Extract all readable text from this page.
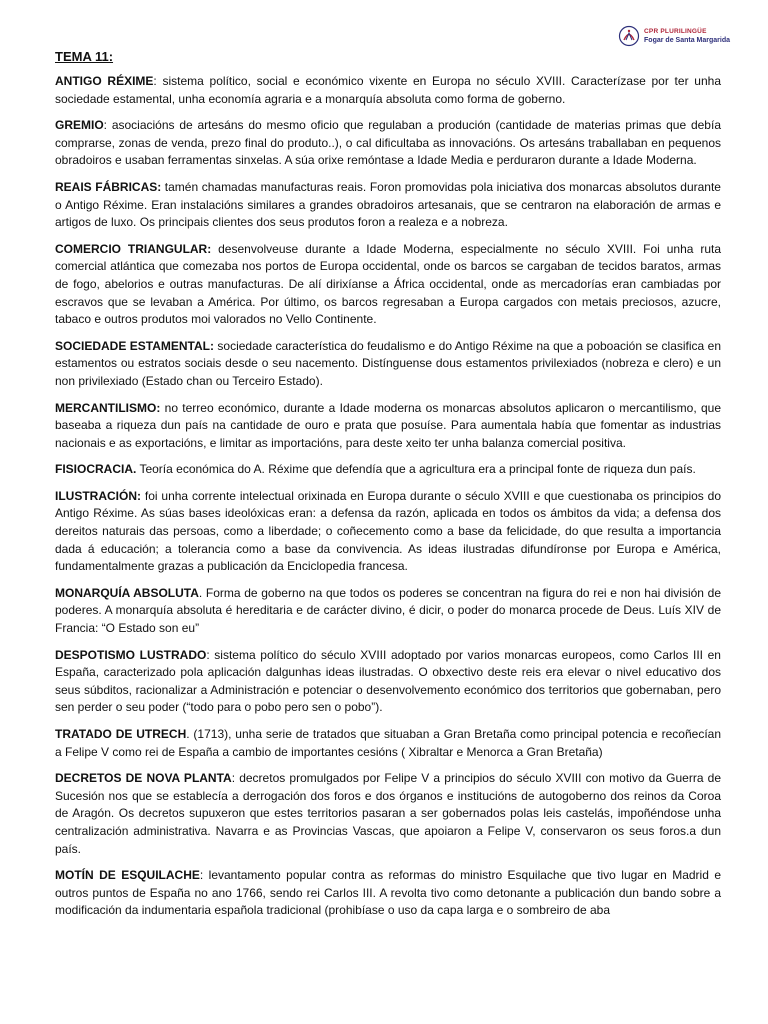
CPR PLURILINGÜE
Fogar de Santa Margarida

TEMA 11:

ANTIGO RÉXIME: sistema político, social e económico vixente en Europa no século XVIII. Caracterízase por ter unha sociedade estamental, unha economía agraria e a monarquía absoluta como forma de goberno.

GREMIO: asociacións de artesáns do mesmo oficio que regulaban a produción (cantidade de materias primas que debía comprarse, zonas de venda, prezo final do produto..), o cal dificultaba as innovacións. Os artesáns traballaban en pequenos obradoiros e usaban ferramentas sinxelas. A súa orixe remóntase a Idade Media e perduraron durante a Idade Moderna.

REAIS FÁBRICAS: tamén chamadas manufacturas reais. Foron promovidas pola iniciativa dos monarcas absolutos durante o Antigo Réxime. Eran instalacións similares a grandes obradoiros artesanais, que se centraron na elaboración de armas e artigos de luxo. Os principais clientes dos seus produtos foron a realeza e a nobreza.

COMERCIO TRIANGULAR: desenvolveuse durante a Idade Moderna, especialmente no século XVIII. Foi unha ruta comercial atlántica que comezaba nos portos de Europa occidental, onde os barcos se cargaban de tecidos baratos, armas de fogo, abelorios e outras manufacturas. De alí dirixíanse a África occidental, onde as mercadorías eran cambiadas por escravos que se levaban a América. Por último, os barcos regresaban a Europa cargados con metais preciosos, azucre, tabaco e outros produtos moi valorados no Vello Continente.

SOCIEDADE ESTAMENTAL: sociedade característica do feudalismo e do Antigo Réxime na que a poboación se clasifica en estamentos ou estratos sociais desde o seu nacemento. Distínguense dous estamentos privilexiados (nobreza e clero) e un non privilexiado (Estado chan ou Terceiro Estado).

MERCANTILISMO: no terreo económico, durante a Idade moderna os monarcas absolutos aplicaron o mercantilismo, que baseaba a riqueza dun país na cantidade de ouro e prata que posuíse. Para aumentala había que fomentar as industrias nacionais e as exportacións, e limitar as importacións, para deste xeito ter unha balanza comercial positiva.

FISIOCRACIA. Teoría económica do A. Réxime que defendía que a agricultura era a principal fonte de riqueza dun país.

ILUSTRACIÓN: foi unha corrente intelectual orixinada en Europa durante o século XVIII e que cuestionaba os principios do Antigo Réxime. As súas bases ideolóxicas eran: a defensa da razón, aplicada en todos os ámbitos da vida; a defensa dos dereitos naturais das persoas, como a liberdade; o coñecemento como a base da felicidade, do que resulta a importancia dada á educación; a tolerancia como a base da convivencia. As ideas ilustradas difundíronse por Europa e América, fundamentalmente grazas a publicación da Enciclopedia francesa.

MONARQUÍA ABSOLUTA. Forma de goberno na que todos os poderes se concentran na figura do rei e non hai división de poderes. A monarquía absoluta é hereditaria e de carácter divino, é dicir, o poder do monarca procede de Deus. Luís XIV de Francia: “O Estado son eu”

DESPOTISMO LUSTRADO: sistema político do século XVIII adoptado por varios monarcas europeos, como Carlos III en España, caracterizado pola aplicación dalgunhas ideas ilustradas. O obxectivo deste reis era elevar o nivel educativo dos seus súbditos, racionalizar a Administración e potenciar o desenvolvemento económico dos territorios que gobernaban, pero sen perder o seu poder (“todo para o pobo pero sen o pobo”).

TRATADO DE UTRECH. (1713), unha serie de tratados que situaban a Gran Bretaña como principal potencia e recoñecían a Felipe V como rei de España a cambio de importantes cesións ( Xibraltar e Menorca a Gran Bretaña)

DECRETOS DE NOVA PLANTA: decretos promulgados por Felipe V a principios do século XVIII con motivo da Guerra de Sucesión nos que se establecía a derrogación dos foros e dos órganos e institucións de autogoberno dos reinos da Coroa de Aragón. Os decretos supuxeron que estes territorios pasaran a ser gobernados polas leis castelás, impoñéndose unha centralización administrativa. Navarra e as Provincias Vascas, que apoiaron a Felipe V, conservaron os seus foros.a dun país.

MOTÍN DE ESQUILACHE: levantamento popular contra as reformas do ministro Esquilache que tivo lugar en Madrid e outros puntos de España no ano 1766, sendo rei Carlos III. A revolta tivo como detonante a publicación dun bando sobre a modificación da indumentaria española tradicional (prohibíase o uso da capa larga e o sombreiro de aba
